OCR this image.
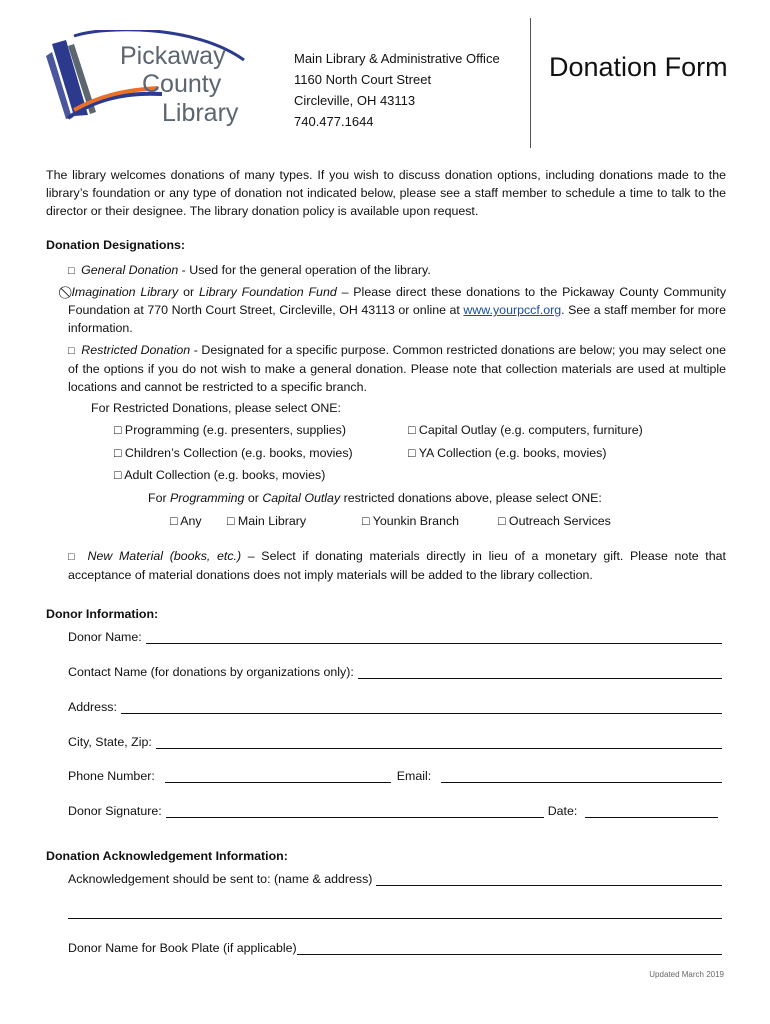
Pickaway
County
Library
Main Library & Administrative Office
1160 North Court Street
Circleville, OH 43113
740.477.1644
Donation Form
The library welcomes donations of many types. If you wish to discuss donation options, including donations made to the library’s foundation or any type of donation not indicated below, please see a staff member to schedule a time to talk to the director or their designee. The library donation policy is available upon request.
Donation Designations:
□ General Donation - Used for the general operation of the library.
⃠ Imagination Library or Library Foundation Fund – Please direct these donations to the Pickaway County Community Foundation at 770 North Court Street, Circleville, OH 43113 or online at www.yourpccf.org. See a staff member for more information.
□ Restricted Donation - Designated for a specific purpose. Common restricted donations are below; you may select one of the options if you do not wish to make a general donation. Please note that collection materials are used at multiple locations and cannot be restricted to a specific branch.
For Restricted Donations, please select ONE:
□ Programming (e.g. presenters, supplies)	□ Capital Outlay (e.g. computers, furniture)
□ Children’s Collection (e.g. books, movies)	□ YA Collection (e.g. books, movies)
□ Adult Collection (e.g. books, movies)
For Programming or Capital Outlay restricted donations above, please select ONE:
□ Any □ Main Library	□ Younkin Branch	□ Outreach Services
□ New Material (books, etc.) – Select if donating materials directly in lieu of a monetary gift. Please note that acceptance of material donations does not imply materials will be added to the library collection.
Donor Information:
Donor Name:
Contact Name (for donations by organizations only):
Address:
City, State, Zip:
Phone Number:	Email:
Donor Signature:	Date:
Donation Acknowledgement Information:
Acknowledgement should be sent to: (name & address)
Donor Name for Book Plate (if applicable)
Updated March 2019
